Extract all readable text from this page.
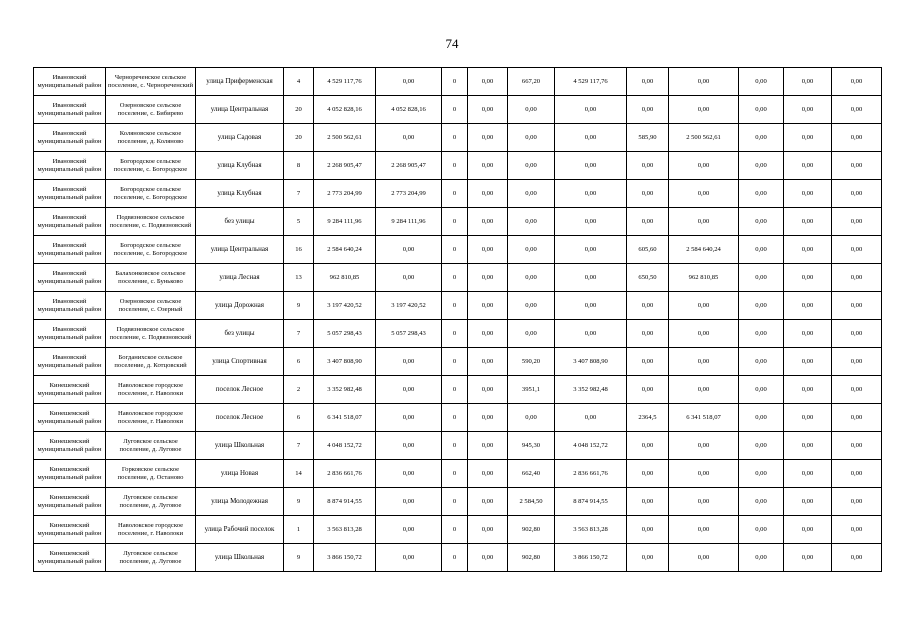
74
Ивановский муниципальный район	Чернореченское сельское поселение, с. Чернореченский	улица Приферменская	4	4 529 117,76	0,00	0	0,00	667,20	4 529 117,76	0,00	0,00	0,00	0,00	0,00
Ивановский муниципальный район	Озерновское сельское поселение, с. Бибирево	улица Центральная	20	4 052 828,16	4 052 828,16	0	0,00	0,00	0,00	0,00	0,00	0,00	0,00	0,00
Ивановский муниципальный район	Коляновское сельское поселение, д. Коляново	улица Садовая	20	2 500 562,61	0,00	0	0,00	0,00	0,00	585,90	2 500 562,61	0,00	0,00	0,00
Ивановский муниципальный район	Богородское сельское поселение, с. Богородское	улица Клубная	8	2 268 905,47	2 268 905,47	0	0,00	0,00	0,00	0,00	0,00	0,00	0,00	0,00
Ивановский муниципальный район	Богородское сельское поселение, с. Богородское	улица Клубная	7	2 773 204,99	2 773 204,99	0	0,00	0,00	0,00	0,00	0,00	0,00	0,00	0,00
Ивановский муниципальный район	Подвязновское сельское поселение, с. Подвязновский	без улицы	5	9 284 111,96	9 284 111,96	0	0,00	0,00	0,00	0,00	0,00	0,00	0,00	0,00
Ивановский муниципальный район	Богородское сельское поселение, с. Богородское	улица Центральная	16	2 584 640,24	0,00	0	0,00	0,00	0,00	605,60	2 584 640,24	0,00	0,00	0,00
Ивановский муниципальный район	Балахонковское сельское поселение, с. Буньково	улица Лесная	13	962 810,85	0,00	0	0,00	0,00	0,00	650,50	962 810,85	0,00	0,00	0,00
Ивановский муниципальный район	Озерновское сельское поселение, с. Озерный	улица Дорожная	9	3 197 420,52	3 197 420,52	0	0,00	0,00	0,00	0,00	0,00	0,00	0,00	0,00
Ивановский муниципальный район	Подвязновское сельское поселение, с. Подвязновский	без улицы	7	5 057 298,43	5 057 298,43	0	0,00	0,00	0,00	0,00	0,00	0,00	0,00	0,00
Ивановский муниципальный район	Богданихское сельское поселение, д. Котцовский	улица Спортивная	6	3 407 808,90	0,00	0	0,00	590,20	3 407 808,90	0,00	0,00	0,00	0,00	0,00
Кинешемский муниципальный район	Наволокское городское поселение, г. Наволоки	поселок Лесное	2	3 352 982,48	0,00	0	0,00	3951,1	3 352 982,48	0,00	0,00	0,00	0,00	0,00
Кинешемский муниципальный район	Наволокское городское поселение, г. Наволоки	поселок Лесное	6	6 341 518,07	0,00	0	0,00	0,00	0,00	2364,5	6 341 518,07	0,00	0,00	0,00
Кинешемский муниципальный район	Луговское сельское поселение, д. Луговое	улица Школьная	7	4 048 152,72	0,00	0	0,00	945,30	4 048 152,72	0,00	0,00	0,00	0,00	0,00
Кинешемский муниципальный район	Горковское сельское поселение, д. Останово	улица Новая	14	2 836 661,76	0,00	0	0,00	662,40	2 836 661,76	0,00	0,00	0,00	0,00	0,00
Кинешемский муниципальный район	Луговское сельское поселение, д. Луговое	улица Молодежная	9	8 874 914,55	0,00	0	0,00	2 584,50	8 874 914,55	0,00	0,00	0,00	0,00	0,00
Кинешемский муниципальный район	Наволокское городское поселение, г. Наволоки	улица Рабочий поселок	1	3 563 813,28	0,00	0	0,00	902,80	3 563 813,28	0,00	0,00	0,00	0,00	0,00
Кинешемский муниципальный район	Луговское сельское поселение, д. Луговое	улица Школьная	9	3 866 150,72	0,00	0	0,00	902,80	3 866 150,72	0,00	0,00	0,00	0,00	0,00
